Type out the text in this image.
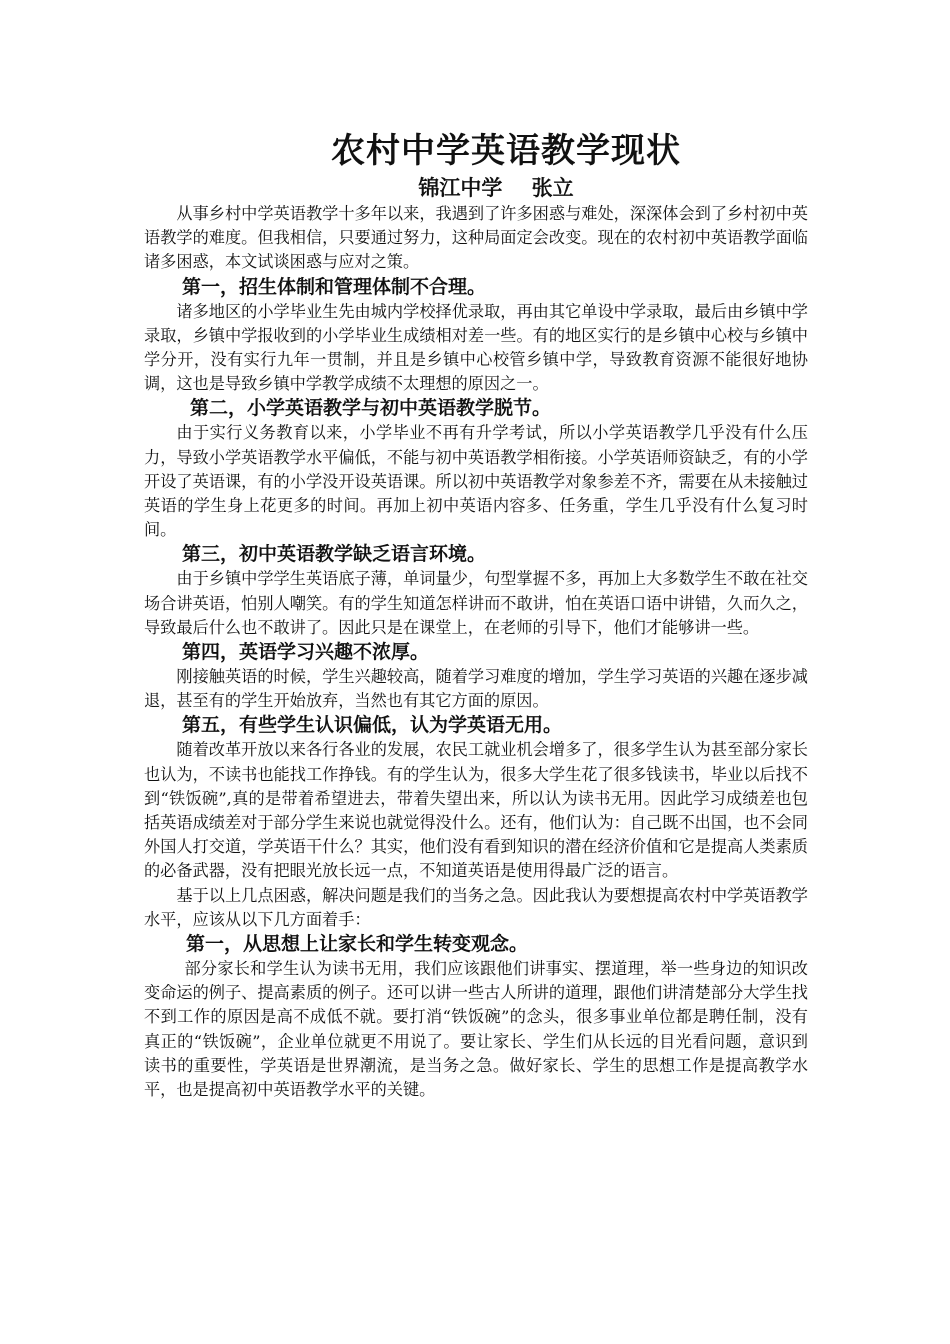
农村中学英语教学现状
锦江中学    张立

从事乡村中学英语教学十多年以来，我遇到了许多困惑与难处，深深体会到了乡村初中英语教学的难度。但我相信，只要通过努力，这种局面定会改变。现在的农村初中英语教学面临诸多困惑，本文试谈困惑与应对之策。

第一，招生体制和管理体制不合理。

诸多地区的小学毕业生先由城内学校择优录取，再由其它单设中学录取，最后由乡镇中学录取，乡镇中学报收到的小学毕业生成绩相对差一些。有的地区实行的是乡镇中心校与乡镇中学分开，没有实行九年一贯制，并且是乡镇中心校管乡镇中学，导致教育资源不能很好地协调，这也是导致乡镇中学教学成绩不太理想的原因之一。

第二，小学英语教学与初中英语教学脱节。

由于实行义务教育以来，小学毕业不再有升学考试，所以小学英语教学几乎没有什么压力，导致小学英语教学水平偏低，不能与初中英语教学相衔接。小学英语师资缺乏，有的小学开设了英语课，有的小学没开设英语课。所以初中英语教学对象参差不齐，需要在从未接触过英语的学生身上花更多的时间。再加上初中英语内容多、任务重，学生几乎没有什么复习时间。

第三，初中英语教学缺乏语言环境。

由于乡镇中学学生英语底子薄，单词量少，句型掌握不多，再加上大多数学生不敢在社交场合讲英语，怕别人嘲笑。有的学生知道怎样讲而不敢讲，怕在英语口语中讲错，久而久之，导致最后什么也不敢讲了。因此只是在课堂上，在老师的引导下，他们才能够讲一些。

第四，英语学习兴趣不浓厚。

刚接触英语的时候，学生兴趣较高，随着学习难度的增加，学生学习英语的兴趣在逐步减退，甚至有的学生开始放弃，当然也有其它方面的原因。

第五，有些学生认识偏低，认为学英语无用。

随着改革开放以来各行各业的发展，农民工就业机会增多了，很多学生认为甚至部分家长也认为，不读书也能找工作挣钱。有的学生认为，很多大学生花了很多钱读书，毕业以后找不到“铁饭碗”,真的是带着希望进去，带着失望出来，所以认为读书无用。因此学习成绩差也包括英语成绩差对于部分学生来说也就觉得没什么。还有，他们认为：自己既不出国，也不会同外国人打交道，学英语干什么？其实，他们没有看到知识的潜在经济价值和它是提高人类素质的必备武器，没有把眼光放长远一点，不知道英语是使用得最广泛的语言。

基于以上几点困惑，解决问题是我们的当务之急。因此我认为要想提高农村中学英语教学水平，应该从以下几方面着手：

第一，从思想上让家长和学生转变观念。

部分家长和学生认为读书无用，我们应该跟他们讲事实、摆道理，举一些身边的知识改变命运的例子、提高素质的例子。还可以讲一些古人所讲的道理，跟他们讲清楚部分大学生找不到工作的原因是高不成低不就。要打消“铁饭碗”的念头，很多事业单位都是聘任制，没有真正的“铁饭碗”，企业单位就更不用说了。要让家长、学生们从长远的目光看问题，意识到读书的重要性，学英语是世界潮流，是当务之急。做好家长、学生的思想工作是提高教学水平，也是提高初中英语教学水平的关键。
